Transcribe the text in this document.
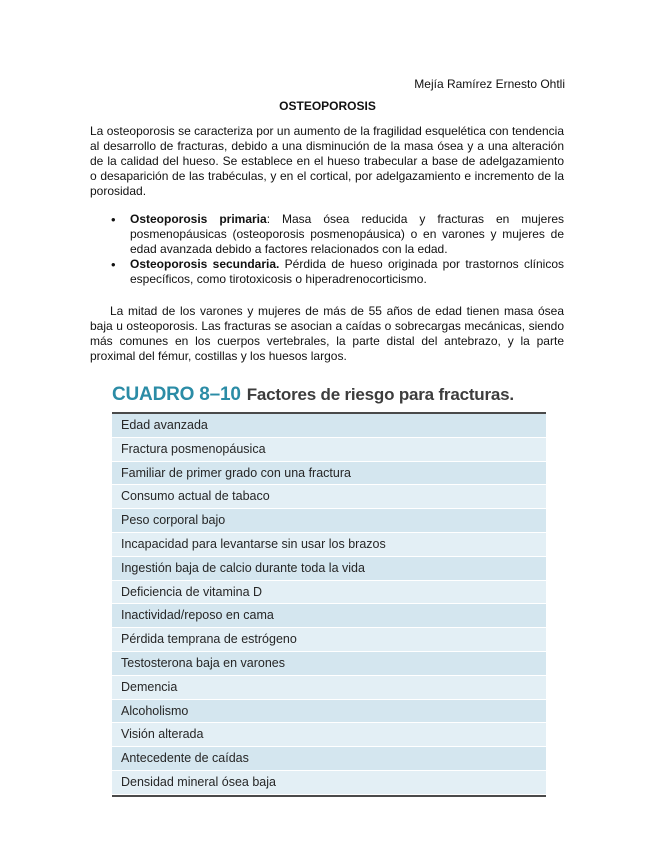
Mejía Ramírez Ernesto Ohtli
OSTEOPOROSIS

La osteoporosis se caracteriza por un aumento de la fragilidad esquelética con tendencia al desarrollo de fracturas, debido a una disminución de la masa ósea y a una alteración de la calidad del hueso. Se establece en el hueso trabecular a base de adelgazamiento o desaparición de las trabéculas, y en el cortical, por adelgazamiento e incremento de la porosidad.

• Osteoporosis primaria: Masa ósea reducida y fracturas en mujeres posmenopáusicas (osteoporosis posmenopáusica) o en varones y mujeres de edad avanzada debido a factores relacionados con la edad.
• Osteoporosis secundaria. Pérdida de hueso originada por trastornos clínicos específicos, como tirotoxicosis o hiperadrenocorticismo.

La mitad de los varones y mujeres de más de 55 años de edad tienen masa ósea baja u osteoporosis. Las fracturas se asocian a caídas o sobrecargas mecánicas, siendo más comunes en los cuerpos vertebrales, la parte distal del antebrazo, y la parte proximal del fémur, costillas y los huesos largos.

CUADRO 8–10 Factores de riesgo para fracturas.
Edad avanzada
Fractura posmenopáusica
Familiar de primer grado con una fractura
Consumo actual de tabaco
Peso corporal bajo
Incapacidad para levantarse sin usar los brazos
Ingestión baja de calcio durante toda la vida
Deficiencia de vitamina D
Inactividad/reposo en cama
Pérdida temprana de estrógeno
Testosterona baja en varones
Demencia
Alcoholismo
Visión alterada
Antecedente de caídas
Densidad mineral ósea baja
